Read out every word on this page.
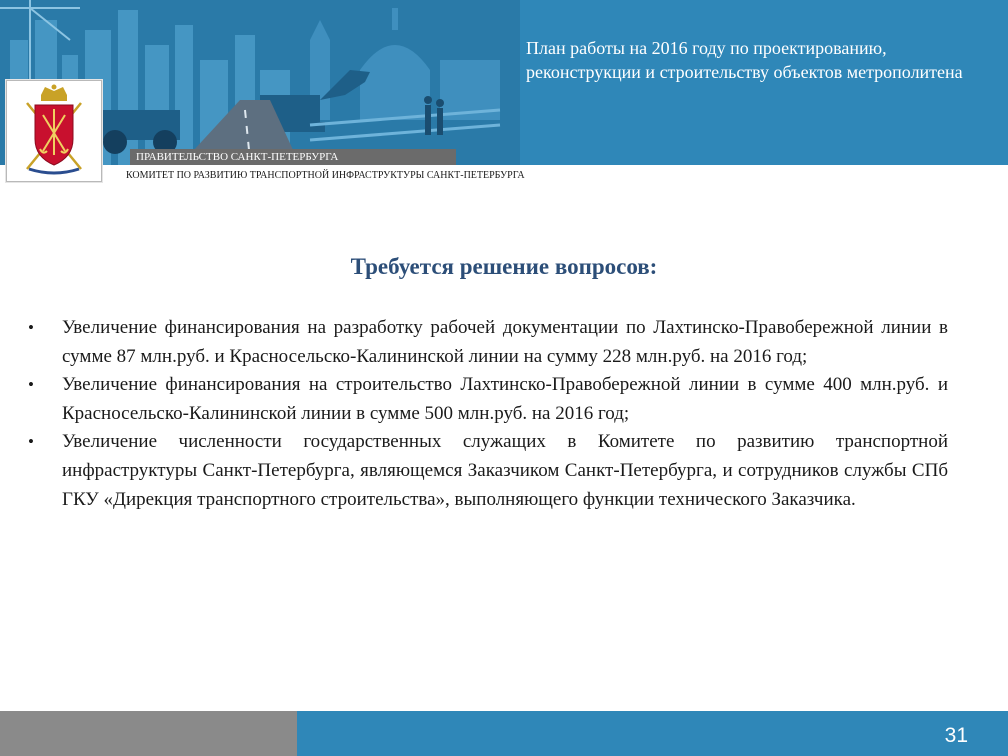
План работы на 2016 году по проектированию, реконструкции и строительству объектов метрополитена
ПРАВИТЕЛЬСТВО САНКТ-ПЕТЕРБУРГА
КОМИТЕТ ПО РАЗВИТИЮ ТРАНСПОРТНОЙ ИНФРАСТРУКТУРЫ САНКТ-ПЕТЕРБУРГА
Требуется решение вопросов:
• Увеличение финансирования на разработку рабочей документации по Лахтинско-Правобережной линии в сумме 87 млн.руб. и Красносельско-Калининской линии на сумму 228 млн.руб. на 2016 год;
• Увеличение финансирования на строительство Лахтинско-Правобережной линии в сумме 400 млн.руб. и Красносельско-Калининской линии в сумме 500 млн.руб. на 2016 год;
• Увеличение численности государственных служащих в Комитете по развитию транспортной инфраструктуры Санкт-Петербурга, являющемся Заказчиком Санкт-Петербурга, и сотрудников службы СПб ГКУ «Дирекция транспортного строительства», выполняющего функции технического Заказчика.
31
